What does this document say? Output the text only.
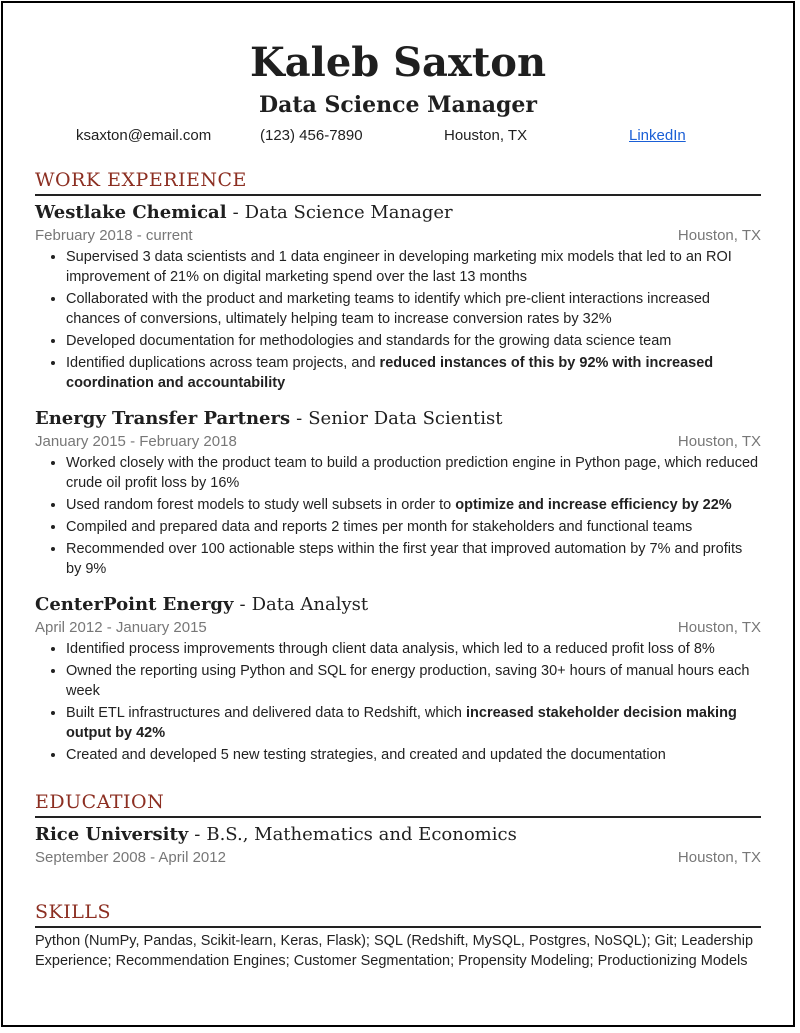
Kaleb Saxton
Data Science Manager
ksaxton@email.com	(123) 456-7890	Houston, TX	LinkedIn
WORK EXPERIENCE
Westlake Chemical - Data Science Manager
February 2018 - current	Houston, TX
• Supervised 3 data scientists and 1 data engineer in developing marketing mix models that led to an ROI improvement of 21% on digital marketing spend over the last 13 months
• Collaborated with the product and marketing teams to identify which pre-client interactions increased chances of conversions, ultimately helping team to increase conversion rates by 32%
• Developed documentation for methodologies and standards for the growing data science team
• Identified duplications across team projects, and reduced instances of this by 92% with increased coordination and accountability
Energy Transfer Partners - Senior Data Scientist
January 2015 - February 2018	Houston, TX
• Worked closely with the product team to build a production prediction engine in Python page, which reduced crude oil profit loss by 16%
• Used random forest models to study well subsets in order to optimize and increase efficiency by 22%
• Compiled and prepared data and reports 2 times per month for stakeholders and functional teams
• Recommended over 100 actionable steps within the first year that improved automation by 7% and profits by 9%
CenterPoint Energy - Data Analyst
April 2012 - January 2015	Houston, TX
• Identified process improvements through client data analysis, which led to a reduced profit loss of 8%
• Owned the reporting using Python and SQL for energy production, saving 30+ hours of manual hours each week
• Built ETL infrastructures and delivered data to Redshift, which increased stakeholder decision making output by 42%
• Created and developed 5 new testing strategies, and created and updated the documentation
EDUCATION
Rice University - B.S., Mathematics and Economics
September 2008 - April 2012	Houston, TX
SKILLS
Python (NumPy, Pandas, Scikit-learn, Keras, Flask); SQL (Redshift, MySQL, Postgres, NoSQL); Git; Leadership Experience; Recommendation Engines; Customer Segmentation; Propensity Modeling; Productionizing Models
